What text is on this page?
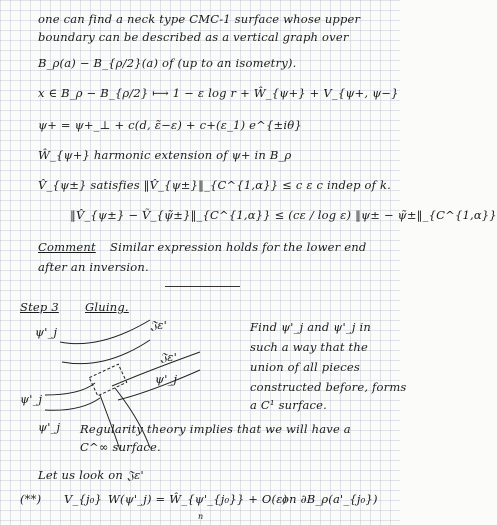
one can find a neck type CMC-1 surface whose upper
boundary can be described as a vertical graph over
B_ρ(a) − B_{ρ/2}(a) of (up to an isometry).
x ∈ B_ρ − B_{ρ/2} ⟼ 1 − ε log r + Ŵ_{ψ+} + V_{ψ+, ψ−}
ψ+ = ψ+_⊥ + c(d, ε̃−ε) + c+(ε_1) e^{±iθ}
Ŵ_{ψ+} harmonic extension of ψ+ in B_ρ
V̂_{ψ±} satisfies ‖V̂_{ψ±}‖_{C^{1,α}} ≤ c ε c indep of k.
‖V̂_{ψ±} − Ṽ_{ψ̃±}‖_{C^{1,α}} ≤ (cε / log ε) ‖ψ± − ψ̃±‖_{C^{1,α}}
Comment Similar expression holds for the lower end
after an inversion.
Step 3 Gluing.
ψ'_j	𝔍ε'
𝔍ε'
ψ'_j
ψ'_j
ψ'_j
Find ψ'_j and ψ'_j in
such a way that the
union of all pieces
constructed before, forms
a C¹ surface.
Regularity theory implies that we will have a
C^∞ surface.
Let us look on 𝔍ε'
(**) V_{j₀} W(ψ'_j) = Ŵ_{ψ'_{j₀}} + O(ε)
on ∂B_ρ(a'_{j₀})
n
